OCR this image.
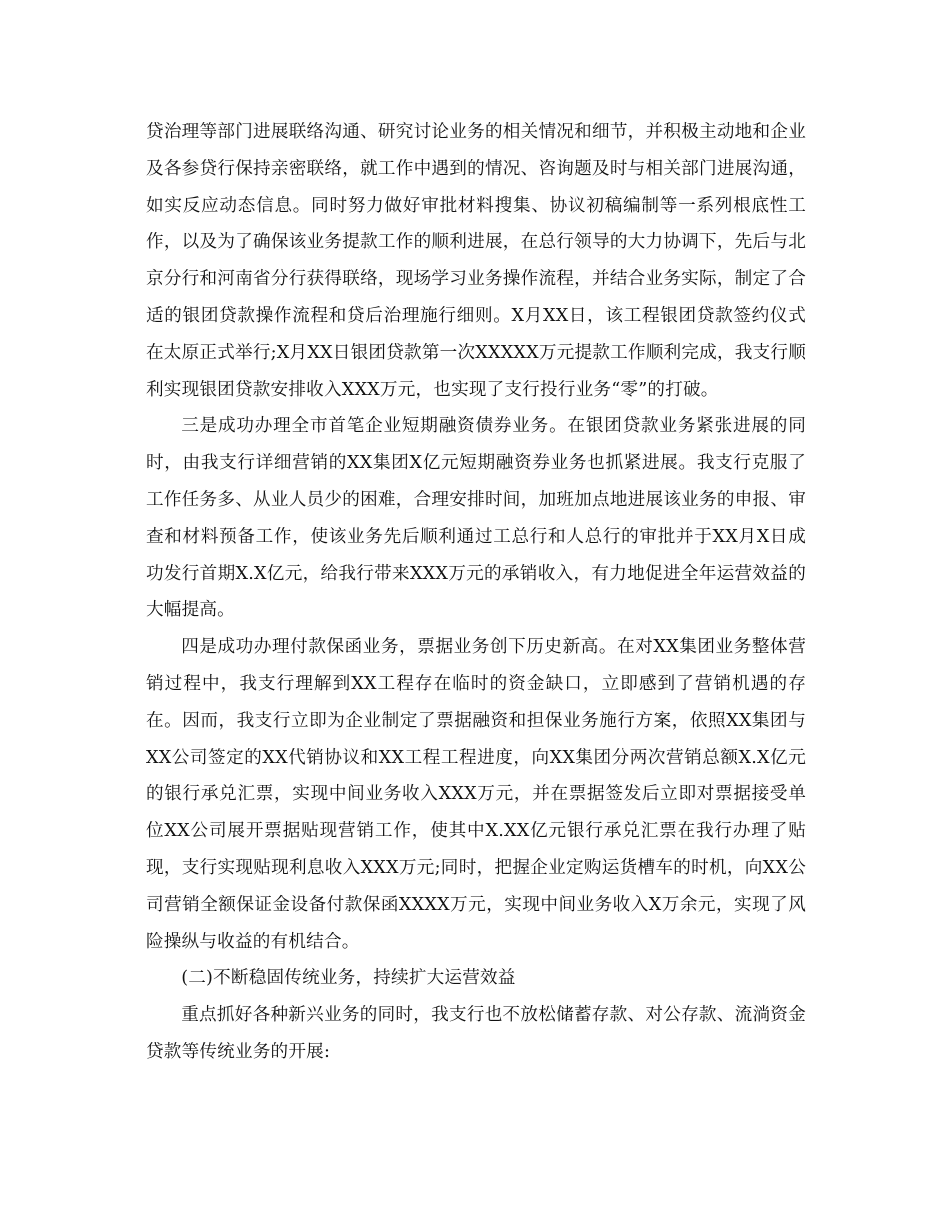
贷治理等部门进展联络沟通、研究讨论业务的相关情况和细节，并积极主动地和企业及各参贷行保持亲密联络，就工作中遇到的情况、咨询题及时与相关部门进展沟通，如实反应动态信息。同时努力做好审批材料搜集、协议初稿编制等一系列根底性工作，以及为了确保该业务提款工作的顺利进展，在总行领导的大力协调下，先后与北京分行和河南省分行获得联络，现场学习业务操作流程，并结合业务实际，制定了合适的银团贷款操作流程和贷后治理施行细则。X月XX日，该工程银团贷款签约仪式在太原正式举行;X月XX日银团贷款第一次XXXXX万元提款工作顺利完成，我支行顺利实现银团贷款安排收入XXX万元，也实现了支行投行业务“零”的打破。

三是成功办理全市首笔企业短期融资债券业务。在银团贷款业务紧张进展的同时，由我支行详细营销的XX集团X亿元短期融资券业务也抓紧进展。我支行克服了工作任务多、从业人员少的困难，合理安排时间，加班加点地进展该业务的申报、审查和材料预备工作，使该业务先后顺利通过工总行和人总行的审批并于XX月X日成功发行首期X.X亿元，给我行带来XXX万元的承销收入，有力地促进全年运营效益的大幅提高。

四是成功办理付款保函业务，票据业务创下历史新高。在对XX集团业务整体营销过程中，我支行理解到XX工程存在临时的资金缺口，立即感到了营销机遇的存在。因而，我支行立即为企业制定了票据融资和担保业务施行方案，依照XX集团与XX公司签定的XX代销协议和XX工程工程进度，向XX集团分两次营销总额X.X亿元的银行承兑汇票，实现中间业务收入XXX万元，并在票据签发后立即对票据接受单位XX公司展开票据贴现营销工作，使其中X.XX亿元银行承兑汇票在我行办理了贴现，支行实现贴现利息收入XXX万元;同时，把握企业定购运货槽车的时机，向XX公司营销全额保证金设备付款保函XXXX万元，实现中间业务收入X万余元，实现了风险操纵与收益的有机结合。

(二)不断稳固传统业务，持续扩大运营效益

重点抓好各种新兴业务的同时，我支行也不放松储蓄存款、对公存款、流淌资金贷款等传统业务的开展:
